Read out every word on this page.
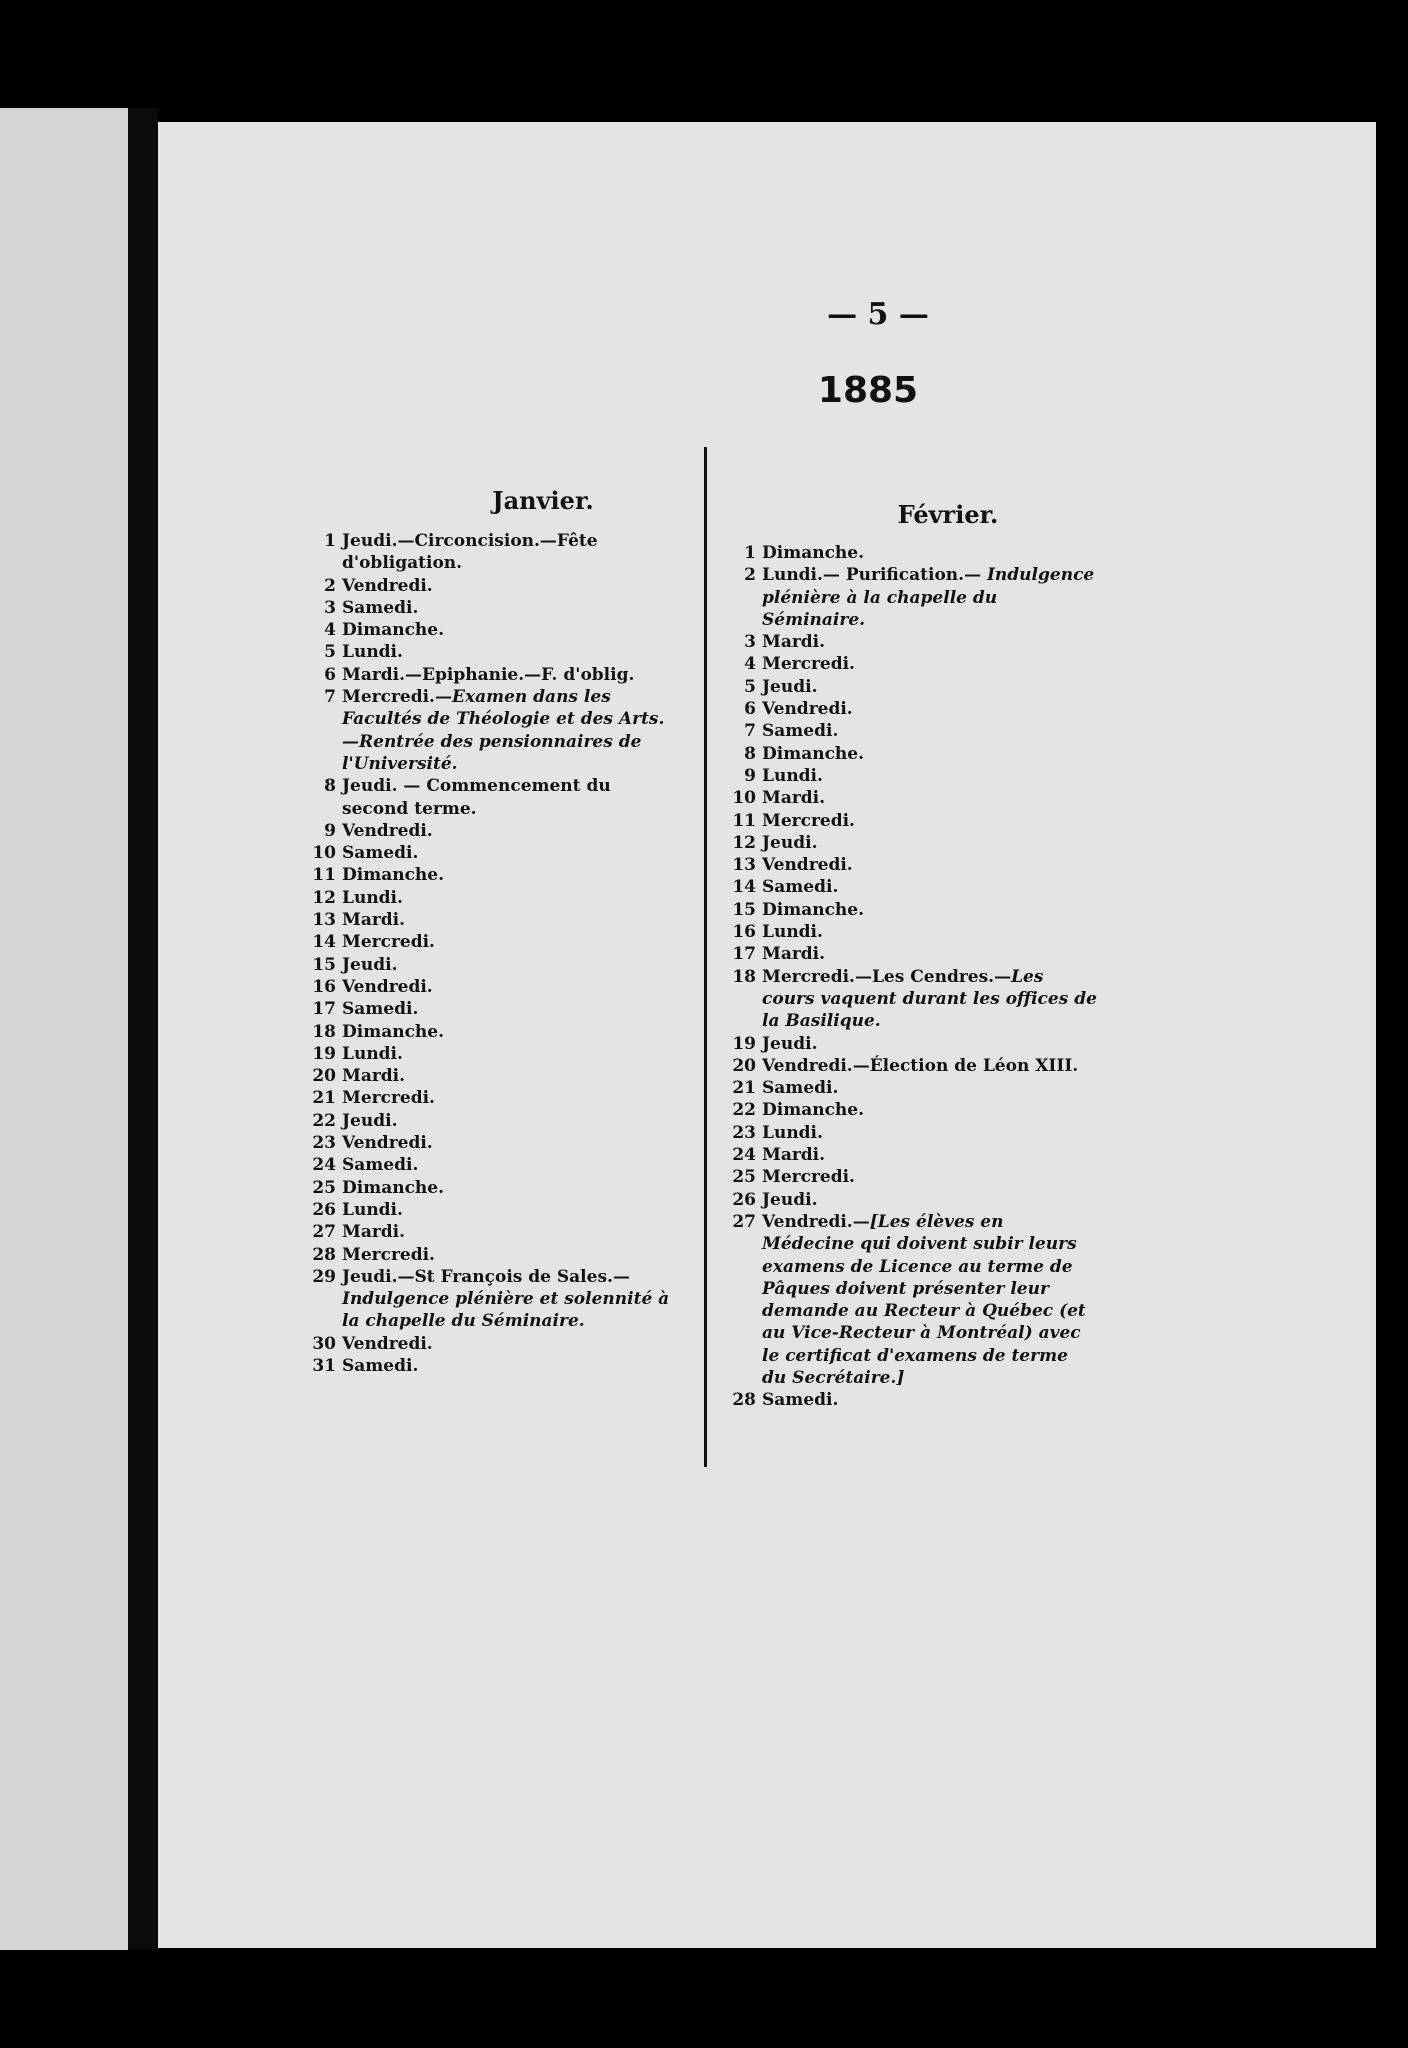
— 5 —
1885
Janvier.	Février.
1 Jeudi.—Circoncision.—Fête d'obligation.
2 Vendredi.
3 Samedi.
4 Dimanche.
5 Lundi.
6 Mardi.—Epiphanie.—F. d'oblig.
7 Mercredi.—Examen dans les Facultés de Théologie et des Arts.—Rentrée des pensionnaires de l'Université.
8 Jeudi. — Commencement du second terme.
9 Vendredi.
10 Samedi.
11 Dimanche.
12 Lundi.
13 Mardi.
14 Mercredi.
15 Jeudi.
16 Vendredi.
17 Samedi.
18 Dimanche.
19 Lundi.
20 Mardi.
21 Mercredi.
22 Jeudi.
23 Vendredi.
24 Samedi.
25 Dimanche.
26 Lundi.
27 Mardi.
28 Mercredi.
29 Jeudi.—St François de Sales.—Indulgence plénière et solennité à la chapelle du Séminaire.
30 Vendredi.
31 Samedi.
1 Dimanche.
2 Lundi.— Purification.— Indulgence plénière à la chapelle du Séminaire.
3 Mardi.
4 Mercredi.
5 Jeudi.
6 Vendredi.
7 Samedi.
8 Dimanche.
9 Lundi.
10 Mardi.
11 Mercredi.
12 Jeudi.
13 Vendredi.
14 Samedi.
15 Dimanche.
16 Lundi.
17 Mardi.
18 Mercredi.—Les Cendres.—Les cours vaquent durant les offices de la Basilique.
19 Jeudi.
20 Vendredi.—Élection de Léon XIII.
21 Samedi.
22 Dimanche.
23 Lundi.
24 Mardi.
25 Mercredi.
26 Jeudi.
27 Vendredi.—[Les élèves en Médecine qui doivent subir leurs examens de Licence au terme de Pâques doivent présenter leur demande au Recteur à Québec (et au Vice-Recteur à Montréal) avec le certificat d'examens de terme du Secrétaire.]
28 Samedi.
